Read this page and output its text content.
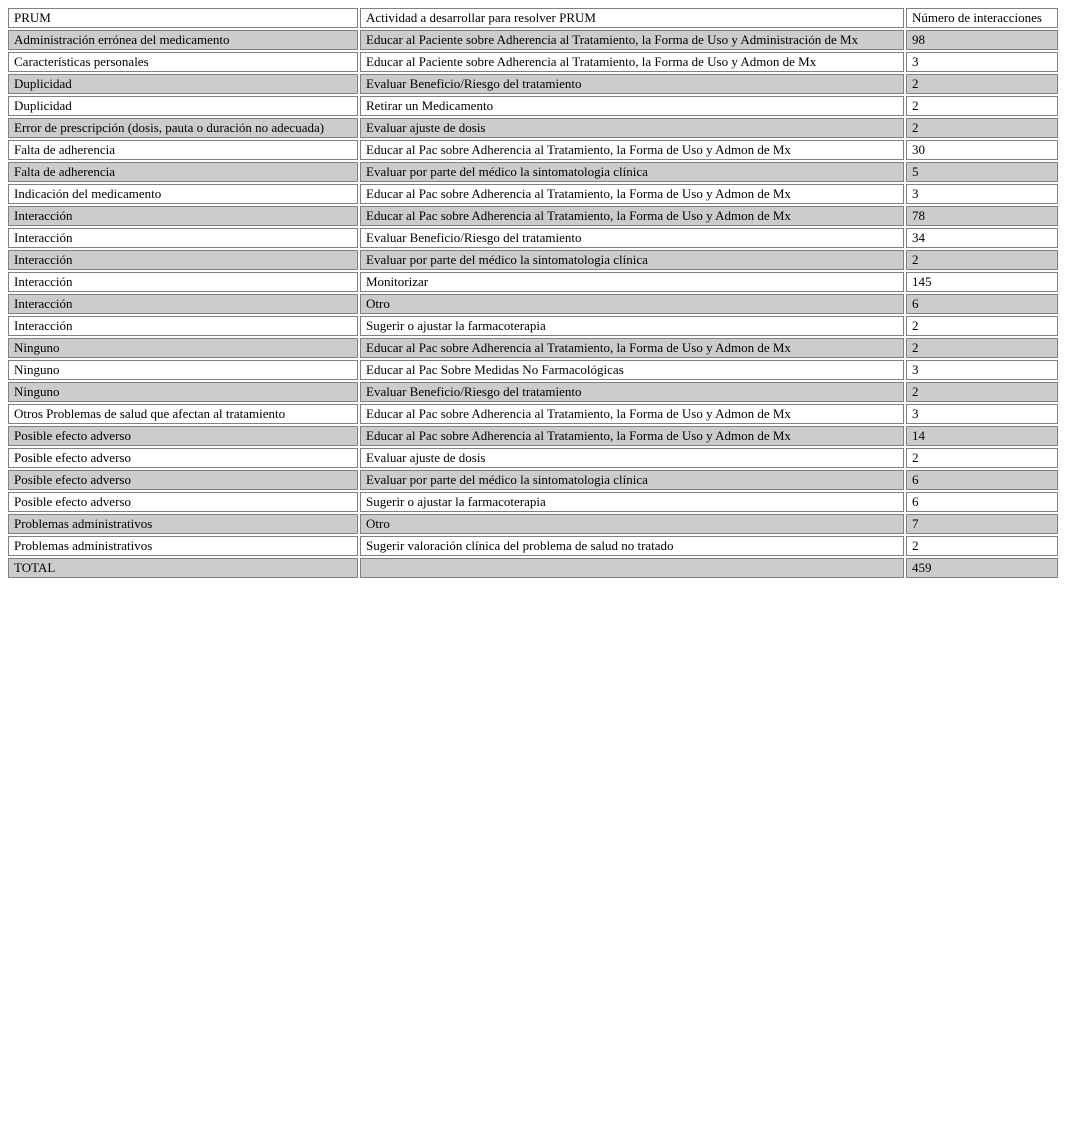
PRUM	Actividad a desarrollar para resolver PRUM	Número de interacciones
Administración errónea del medicamento	Educar al Paciente sobre Adherencia al Tratamiento, la Forma de Uso y Administración de Mx	98
Características personales	Educar al Paciente sobre Adherencia al Tratamiento, la Forma de Uso y Admon de Mx	3
Duplicidad	Evaluar Beneficio/Riesgo del tratamiento	2
Duplicidad	Retirar un Medicamento	2
Error de prescripción (dosis, pauta o duración no adecuada)	Evaluar ajuste de dosis	2
Falta de adherencia	Educar al Pac sobre Adherencia al Tratamiento, la Forma de Uso y Admon de Mx	30
Falta de adherencia	Evaluar por parte del médico la sintomatologia clínica	5
Indicación del medicamento	Educar al Pac sobre Adherencia al Tratamiento, la Forma de Uso y Admon de Mx	3
Interacción	Educar al Pac sobre Adherencia al Tratamiento, la Forma de Uso y Admon de Mx	78
Interacción	Evaluar Beneficio/Riesgo del tratamiento	34
Interacción	Evaluar por parte del médico la sintomatologia clínica	2
Interacción	Monitorizar	145
Interacción	Otro	6
Interacción	Sugerir o ajustar la farmacoterapia	2
Ninguno	Educar al Pac sobre Adherencia al Tratamiento, la Forma de Uso y Admon de Mx	2
Ninguno	Educar al Pac Sobre Medidas No Farmacológicas	3
Ninguno	Evaluar Beneficio/Riesgo del tratamiento	2
Otros Problemas de salud que afectan al tratamiento	Educar al Pac sobre Adherencia al Tratamiento, la Forma de Uso y Admon de Mx	3
Posible efecto adverso	Educar al Pac sobre Adherencia al Tratamiento, la Forma de Uso y Admon de Mx	14
Posible efecto adverso	Evaluar ajuste de dosis	2
Posible efecto adverso	Evaluar por parte del médico la sintomatologia clínica	6
Posible efecto adverso	Sugerir o ajustar la farmacoterapia	6
Problemas administrativos	Otro	7
Problemas administrativos	Sugerir valoración clínica del problema de salud no tratado	2
TOTAL		459
